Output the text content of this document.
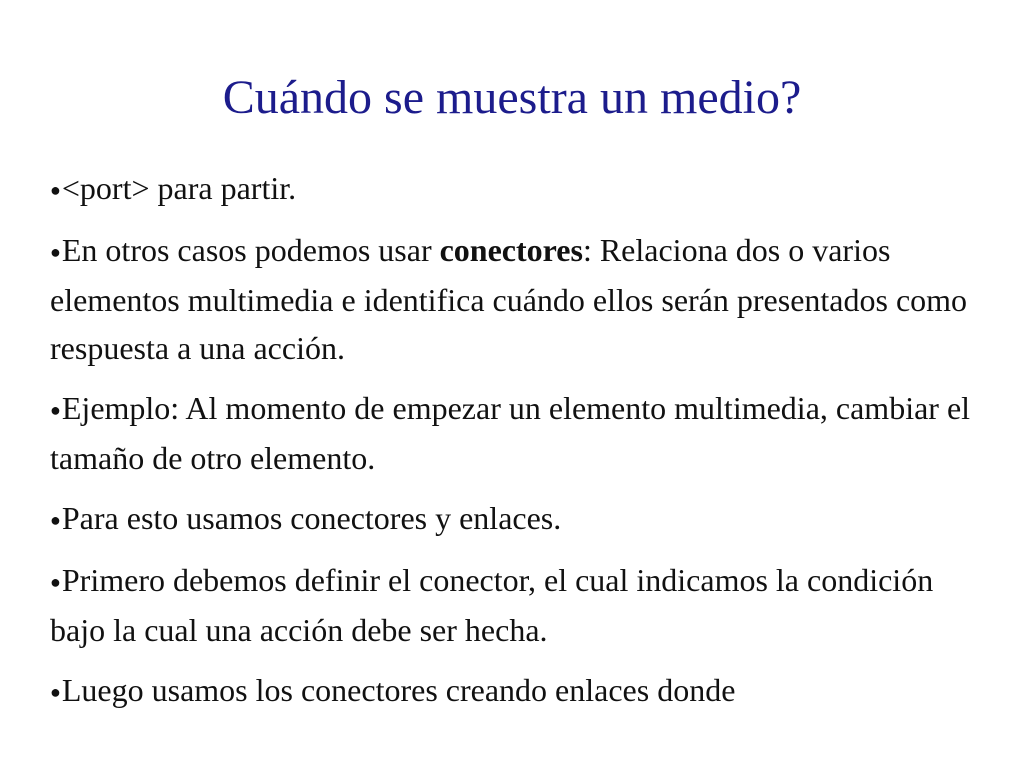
Cuándo se muestra un medio?
●<port> para partir.
●En otros casos podemos usar conectores: Relaciona dos o varios elementos multimedia e identifica cuándo ellos serán presentados como respuesta a una acción.
●Ejemplo: Al momento de empezar un elemento multimedia, cambiar el tamaño de otro elemento.
●Para esto usamos conectores y enlaces.
●Primero debemos definir el conector, el cual indicamos la condición bajo la cual una acción debe ser hecha.
●Luego usamos los conectores creando enlaces donde
